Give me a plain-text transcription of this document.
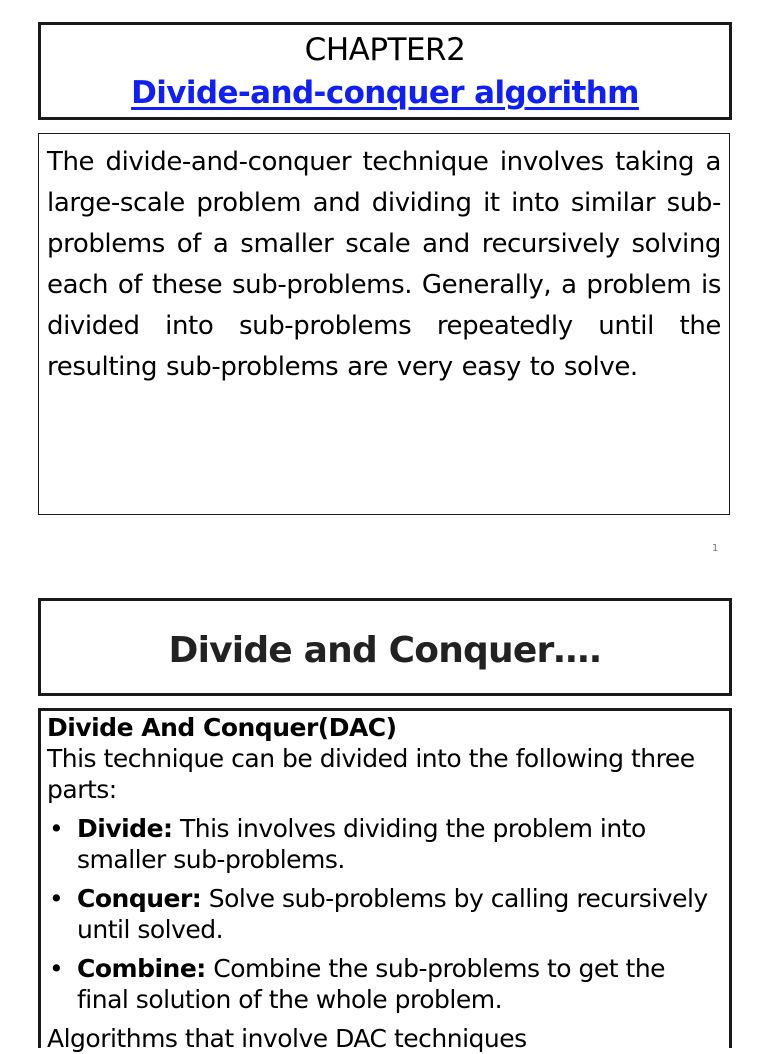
CHAPTER2
Divide-and-conquer algorithm
The divide-and-conquer technique involves taking a large-scale problem and dividing it into similar sub-problems of a smaller scale and recursively solving each of these sub-problems. Generally, a problem is divided into sub-problems repeatedly until the resulting sub-problems are very easy to solve.
1
Divide and Conquer….
Divide And Conquer(DAC)
This technique can be divided into the following three parts:
• Divide: This involves dividing the problem into smaller sub-problems.
• Conquer: Solve sub-problems by calling recursively until solved.
• Combine: Combine the sub-problems to get the final solution of the whole problem.
Algorithms that involve DAC techniques
